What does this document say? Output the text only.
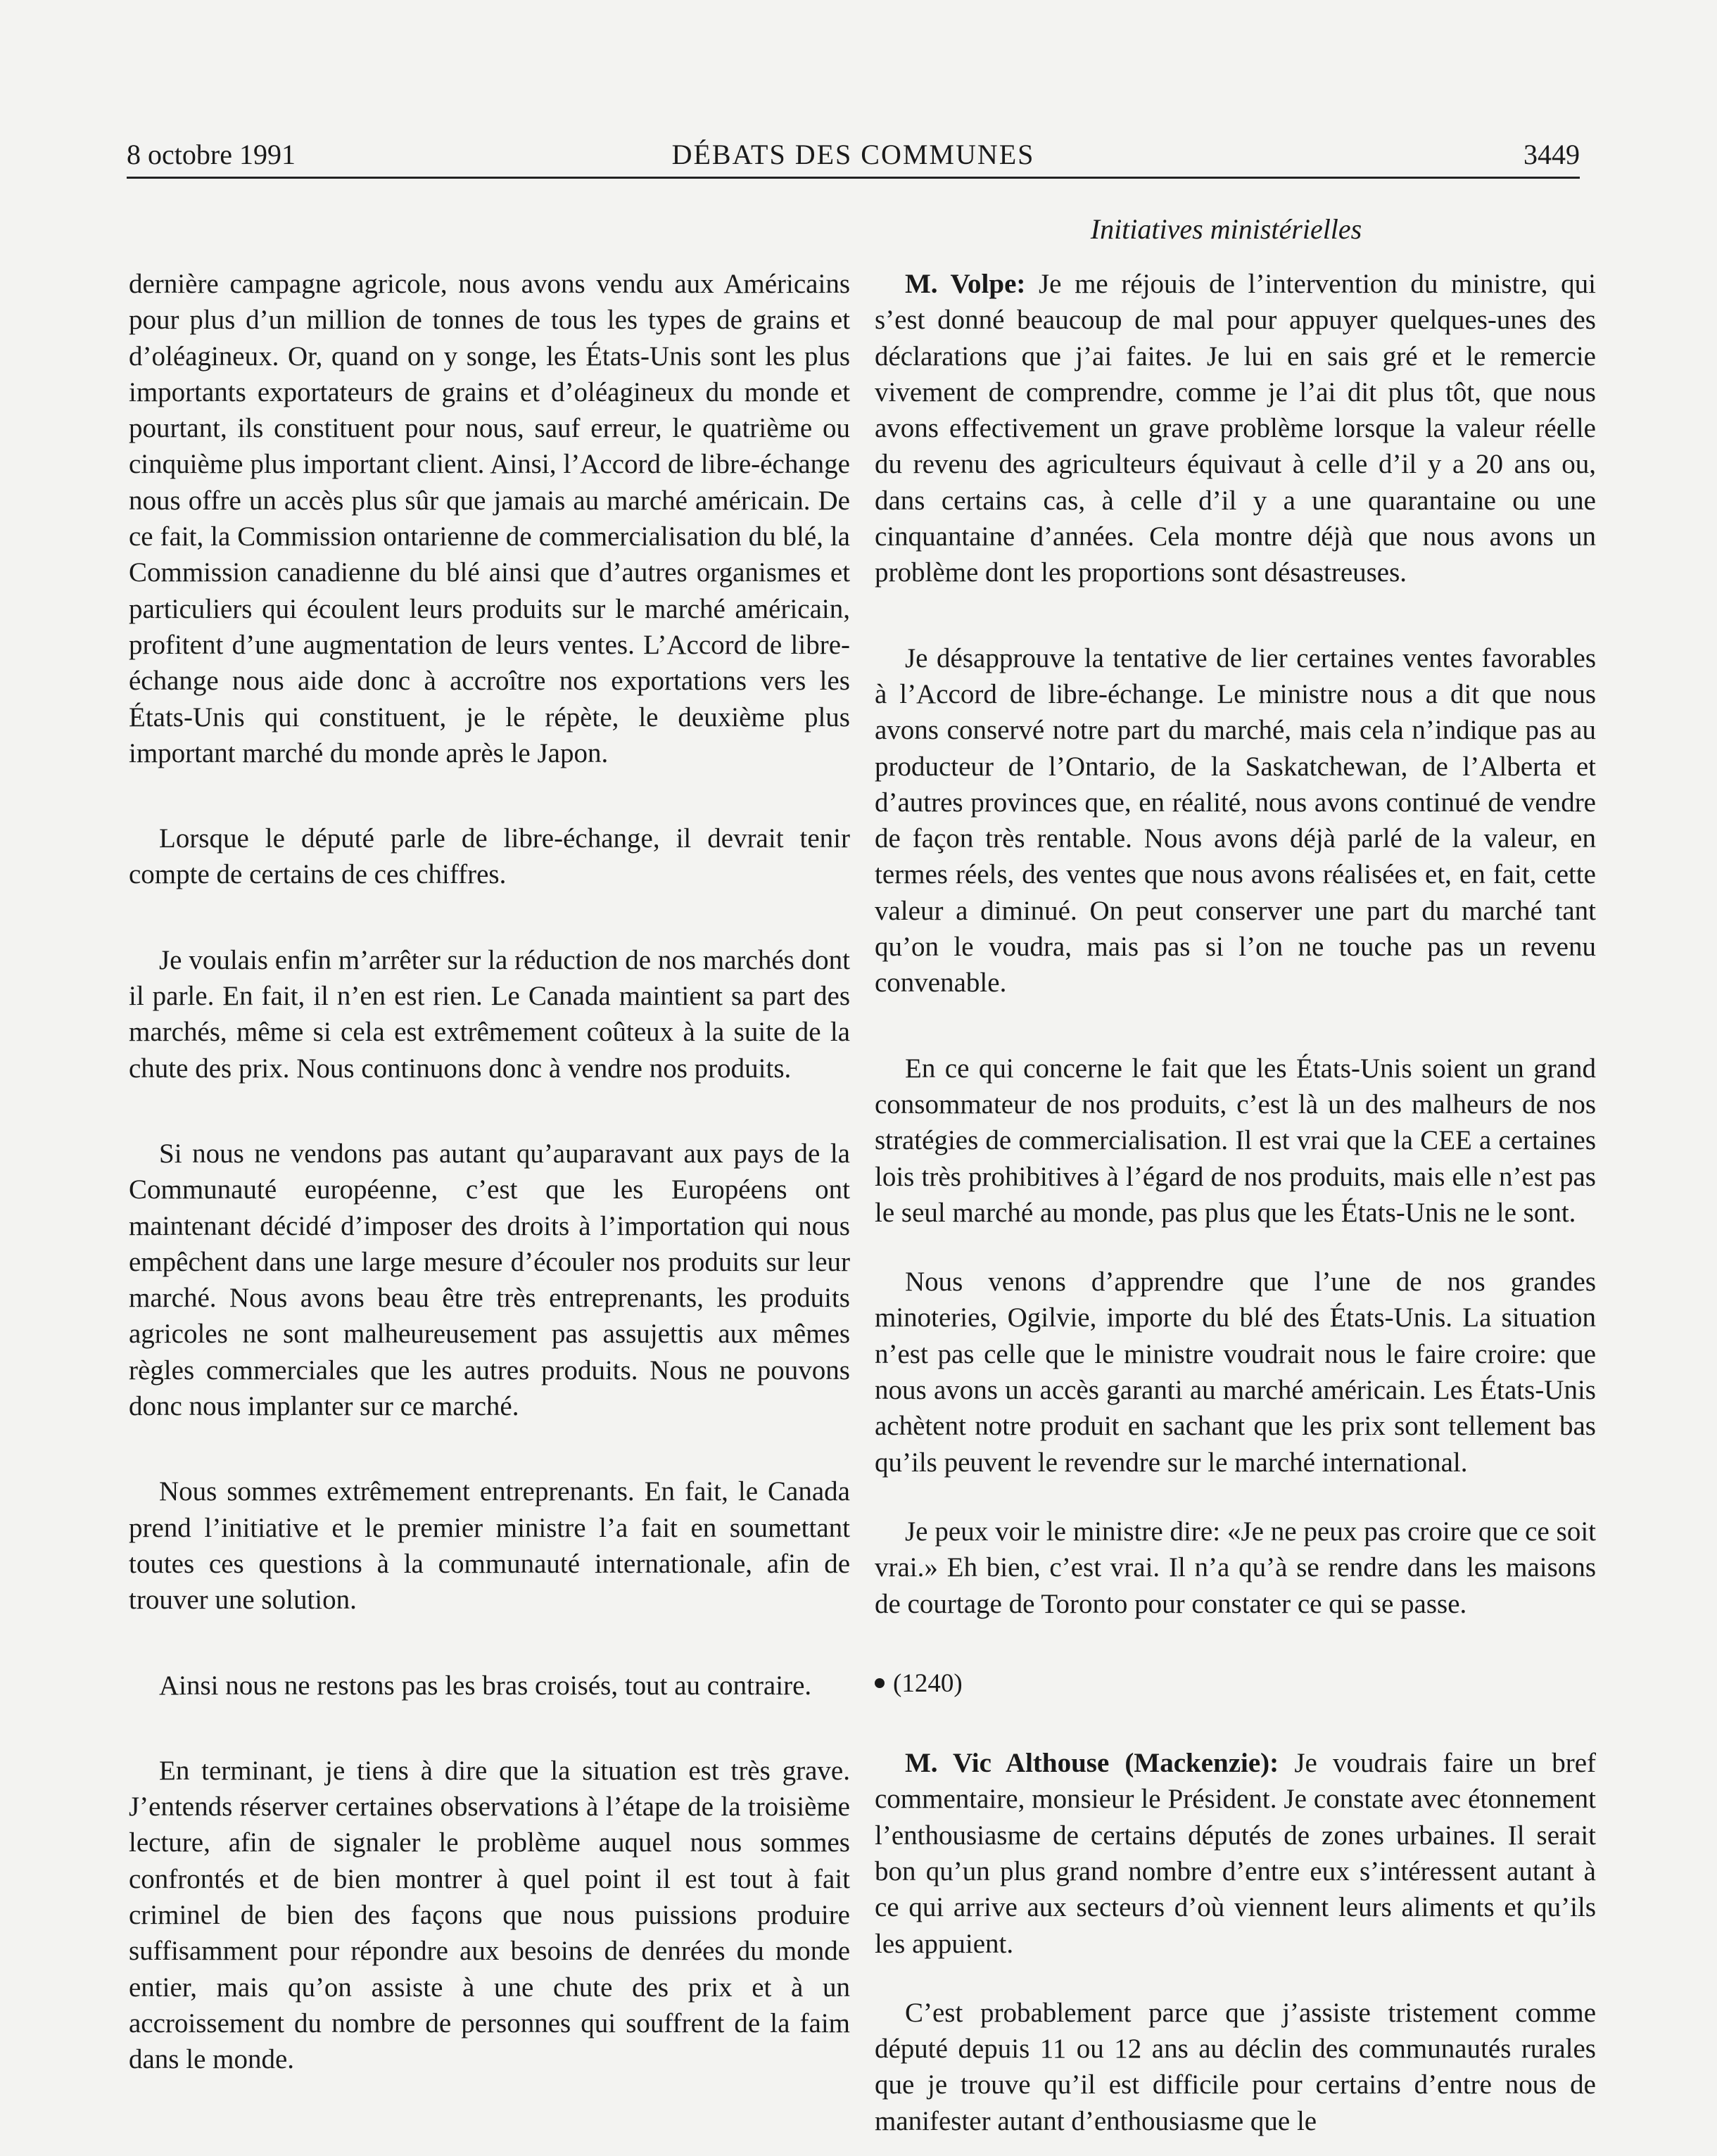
8 octobre 1991	DÉBATS DES COMMUNES	3449
Initiatives ministérielles

dernière campagne agricole, nous avons vendu aux Américains pour plus d’un million de tonnes de tous les types de grains et d’oléagineux. Or, quand on y songe, les États-Unis sont les plus importants exportateurs de grains et d’oléagineux du monde et pourtant, ils constituent pour nous, sauf erreur, le quatrième ou cinquième plus important client. Ainsi, l’Accord de libre-échange nous offre un accès plus sûr que jamais au marché américain. De ce fait, la Commission ontarienne de commercialisation du blé, la Commission canadienne du blé ainsi que d’autres organismes et particuliers qui écoulent leurs produits sur le marché américain, profitent d’une augmentation de leurs ventes. L’Accord de libre-échange nous aide donc à accroître nos exportations vers les États-Unis qui constituent, je le répète, le deuxième plus important marché du monde après le Japon.

Lorsque le député parle de libre-échange, il devrait tenir compte de certains de ces chiffres.

Je voulais enfin m’arrêter sur la réduction de nos marchés dont il parle. En fait, il n’en est rien. Le Canada maintient sa part des marchés, même si cela est extrêmement coûteux à la suite de la chute des prix. Nous continuons donc à vendre nos produits.

Si nous ne vendons pas autant qu’auparavant aux pays de la Communauté européenne, c’est que les Européens ont maintenant décidé d’imposer des droits à l’importation qui nous empêchent dans une large mesure d’écouler nos produits sur leur marché. Nous avons beau être très entreprenants, les produits agricoles ne sont malheureusement pas assujettis aux mêmes règles commerciales que les autres produits. Nous ne pouvons donc nous implanter sur ce marché.

Nous sommes extrêmement entreprenants. En fait, le Canada prend l’initiative et le premier ministre l’a fait en soumettant toutes ces questions à la communauté internationale, afin de trouver une solution.

Ainsi nous ne restons pas les bras croisés, tout au contraire.

En terminant, je tiens à dire que la situation est très grave. J’entends réserver certaines observations à l’étape de la troisième lecture, afin de signaler le problème auquel nous sommes confrontés et de bien montrer à quel point il est tout à fait criminel de bien des façons que nous puissions produire suffisamment pour répondre aux besoins de denrées du monde entier, mais qu’on assiste à une chute des prix et à un accroissement du nombre de personnes qui souffrent de la faim dans le monde.

M. Volpe: Je me réjouis de l’intervention du ministre, qui s’est donné beaucoup de mal pour appuyer quelques-unes des déclarations que j’ai faites. Je lui en sais gré et le remercie vivement de comprendre, comme je l’ai dit plus tôt, que nous avons effectivement un grave problème lorsque la valeur réelle du revenu des agriculteurs équivaut à celle d’il y a 20 ans ou, dans certains cas, à celle d’il y a une quarantaine ou une cinquantaine d’années. Cela montre déjà que nous avons un problème dont les proportions sont désastreuses.

Je désapprouve la tentative de lier certaines ventes favorables à l’Accord de libre-échange. Le ministre nous a dit que nous avons conservé notre part du marché, mais cela n’indique pas au producteur de l’Ontario, de la Saskatchewan, de l’Alberta et d’autres provinces que, en réalité, nous avons continué de vendre de façon très rentable. Nous avons déjà parlé de la valeur, en termes réels, des ventes que nous avons réalisées et, en fait, cette valeur a diminué. On peut conserver une part du marché tant qu’on le voudra, mais pas si l’on ne touche pas un revenu convenable.

En ce qui concerne le fait que les États-Unis soient un grand consommateur de nos produits, c’est là un des malheurs de nos stratégies de commercialisation. Il est vrai que la CEE a certaines lois très prohibitives à l’égard de nos produits, mais elle n’est pas le seul marché au monde, pas plus que les États-Unis ne le sont.

Nous venons d’apprendre que l’une de nos grandes minoteries, Ogilvie, importe du blé des États-Unis. La situation n’est pas celle que le ministre voudrait nous le faire croire: que nous avons un accès garanti au marché américain. Les États-Unis achètent notre produit en sachant que les prix sont tellement bas qu’ils peuvent le revendre sur le marché international.

Je peux voir le ministre dire: «Je ne peux pas croire que ce soit vrai.» Eh bien, c’est vrai. Il n’a qu’à se rendre dans les maisons de courtage de Toronto pour constater ce qui se passe.

(1240)

M. Vic Althouse (Mackenzie): Je voudrais faire un bref commentaire, monsieur le Président. Je constate avec étonnement l’enthousiasme de certains députés de zones urbaines. Il serait bon qu’un plus grand nombre d’entre eux s’intéressent autant à ce qui arrive aux secteurs d’où viennent leurs aliments et qu’ils les appuient.

C’est probablement parce que j’assiste tristement comme député depuis 11 ou 12 ans au déclin des communautés rurales que je trouve qu’il est difficile pour certains d’entre nous de manifester autant d’enthousiasme que le
